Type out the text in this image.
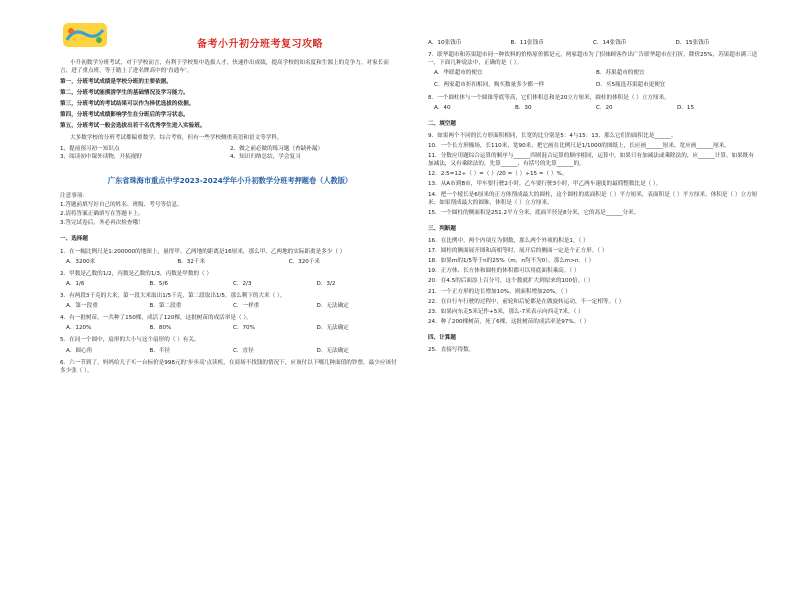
备考小升初分班考复习攻略

小升初数学分班考试，对于学校而言，有利于学校集中选拔人才，快速作出成绩，提高学校的知名度和生源上的竞争力。对家长而言，进了重点班，等于踏上了进名牌高中的‘直通车’。

第一，分班考试成绩是学校分班的主要依据。

第二，分班考试能摸清学生的基础情况及学习能力。

第三，分班考试的考试结果可以作为择优选拔的依据。

第四，分班考试成绩影响学生在分班后的学习状态。

第五，分班考试一般会选拔出若干名优秀学生进入实验班。

大多数学校的分班考试都偏重数学，综合考察，但有一些学校侧重英语和语文等学科。

1、提前预习初一知识点	2、做之前必做的练习题（查缺补漏）
3、阅读初中课外读物，开拓视野	4、知识归纳总结，学会复习
广东省珠海市重点中学2023-2024学年小升初数学分班考押题卷（人教版）

注意事项：

1.答题前填写好自己的姓名、班级、考号等信息。

2.请将答案正确填写在答题卡上。

3.答完试卷后，务必再次检查哦！

一、选择题

1．在一幅比例尺是1:200000的地图上，量得甲、乙两地的距离是16厘米，那么甲、乙两地的实际距离是多少（ ）

A．3200米	B．32千米	C．320千米

2．甲数是乙数的1/2，丙数是乙数的1/3，丙数是甲数的（ ）

A．1/6	B．5/6	C．2/3	D．3/2

3．有两段3千克的大米，第一段大米取出1/5千克，第二段取出1/5，那么剩下的大米（ ）。

A．第一段重	B．第二段重	C．一样重	D．无法确定

4．有一批树苗，一共种了150棵，成活了120棵，这批树苗的成活率是（ ）。

A．120%	B．80%	C．70%	D．无法确定

5．在同一个圆中，扇形的大小与这个扇形的（ ）有关。

A．圆心角	B．半径	C．直径	D．无法确定

6．六一节到了，妈妈给儿子买一台标价是998元的‘步步高’点读机，在商场不找钱的情况下，应该付以下哪几种面值的钞票，最少应该付多少张（ ）。

A．10张钱币	B．11张钱币	C．14张钱币	D．15张钱币

7．联华超市和苏果超市同一种饮料的价格原价都是元，两家超市为了招徕顾客作出广告联华超市在打折，降价25%，苏果超市满三送一，下面几种说法中，正确的是（ ）。

A．华联超市的便宜	B．苏果超市的便宜
C．两家超市折扣相同，购买数量多少都一样	D．买5瓶选苏果超市更便宜

8．一个圆柱体与一个圆锥等底等高，它们体积总和是20立方厘米，圆柱的体积是（ ）立方厘米。

A．40	B．30	C．20	D．15
二、填空题

9．如果两个不同的长方形面积相同，长宽的比分别是5：4与15：13，那么它们的面积比是______。

10．一个长方形操场，长110米，宽90米，把它画在比例尺是1/1000的图纸上，长应画______厘米，宽应画______厘米。

11．分数应用题综合运算的顺序与______四则混合运算的顺序相同，运算中，如果只有加减法或乘除法的，应______计算，如果既有加减法，又有乘除法的，先算______，有括号的先算______的。

12．2:5=12÷（ ）=（ ）/20 =（ ）÷15 =（ ）%。

13．从A市到B市，甲车要行驶2小时，乙车要行驶3小时，甲乙两车速度的最简整数比是（ ）。

14．把一个棱长是6厘米的正方体削成最大的圆柱，这个圆柱的底面积是（ ）平方厘米，表面积是（ ）平方厘米，体积是（ ）立方厘米；如果削成最大的圆锥，体积是（ ）立方厘米。

15．一个圆柱的侧面积是251.2平方分米，底面半径是8分米，它的高是______分米。

三、判断题

16．在比例中，两个内项互为倒数，那么两个外项的积是1。（ ）

17．圆柱的侧面展开图和高相等时，展开后的侧面一定是个正方形。（ ）

18．如果m的1/5等于n的25%（m，n均不为0），那么m>n。（ ）

19．正方体、长方体和圆柱的体积都可以用底面积乘高。（ ）

20．在4.5的后面添上百分号，这个数就扩大到原来的100倍。（ ）

21．一个正方形的边长增加10%，则面积增加20%。（ ）

22．在自行车行驶的过程中，前轮和后轮都是在做旋转运动，不一定相等。（ ）

23．如果向东走5米记作+5米，那么-7米表示向西走7米。（ ）

24．种了200棵树苗，死了6棵，这批树苗的成活率是97%。（ ）

四、计算题

25．直接写得数。
